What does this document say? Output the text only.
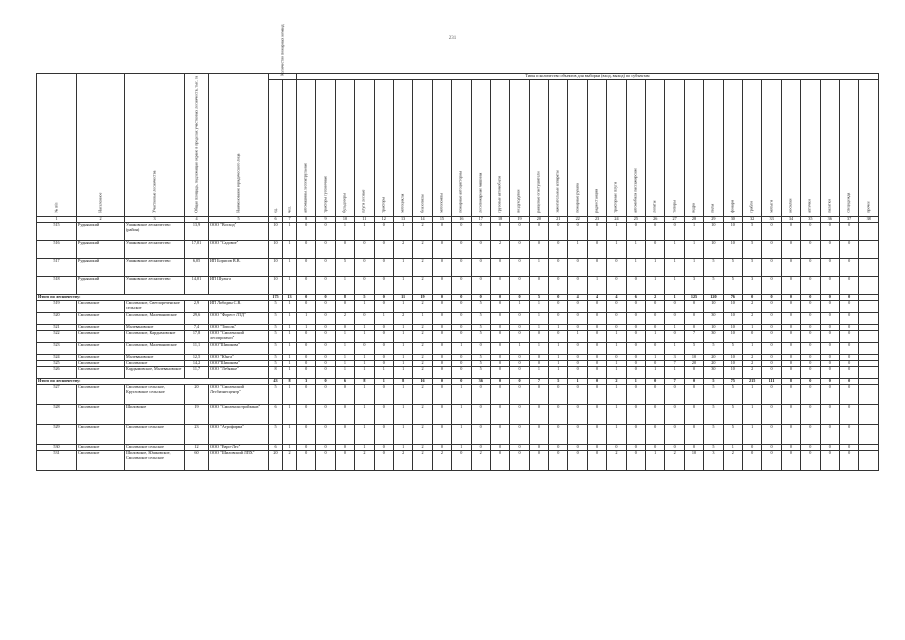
231
№ п/п	Населенное	Участковые лесничества	Общая площадь, подлежащая охране в пределах участковых лесничеств, тыс. га	Наименование юридического лица	Количество пожарных команд		Типы и количество объектов для выборки (вход, выход) по субъектам																													

							автомашины лесопатрульные	тракторы гусеничные	бульдозеры	плуги лесные	тракторы	мотоциклы	бензопилы	мотопомпы	пожарные автоцистерны	лесопожарные машины	грузовые автомобили	воздуходувки	ранцевые огнетушители	зажигательные аппараты	пожарные рукава	радиостанции	тракторные плуги	автомобили пассажирские	лопаты	топоры	ведра	пилы	фонари	грабли	мотыги	носилки	аптечки	палатки	спецодежда	прочее

					ед.	чел.																														

1	2	3	4	5	6	7	8	9	10	11	12	13	14	15	16	17	18	19	20	21	22	23	24	25	26	27	28	29	30	32	33	34	35	36	37	38
515	Руднянский	Ушаковское лесничество (район)	13,9	ООО "Восход"	10	1	0	0	1	1	0	1	2	0	0	0	0	0	0	0	0	0	1	0	0	0	1	10	10	5	0	0	0	0	0	
516	Руднянский	Ушаковское лесничество	17,01	ООО "Садовое"	10	1	0	0	0	0	0	2	2	0	0	0	2	0	0	0	1	0	1	1	0	1	1	10	10	5	0	0	0	0	0	
517	Руднянский	Ушаковское лесничество	6,05	ИП Борисов В.В.	10	1	0	0	5	0	0	1	2	0	0	0	0	0	1	0	0	0	0	1	1	1	1	5	5	5	0	0	0	0	0	
518	Руднянский	Ушаковское лесничество	14,01	ИП Шульга	10	1	0	0	1	0	0	1	2	0	0	0	0	0	0	0	0	1	0	0	1	1	3	5	5	3	0	0	0	0	0	
Итого по лесничеству:					175	13	0	0	8	5	0	11	19	0	0	0	0	0	5	0	4	4	4	6	2	1	125	120	76	0	0	0	0	0	0	
519	Смоленское	Смоленское, Светлореченское сельское	2,9	ИП Лободин С.В.	5	1	0	0	0	1	0	1	2	0	0	5	0	1	1	0	0	0	0	0	0	0	0	10	10	2	0	0	0	0	0	
520	Смоленское	Смоленское, Малевановское	29,6	ООО "Форест ЛТД"	5	1	1	0	2	0	1	2	1	0	0	5	0	0	1	0	0	0	0	0	0	0	0	30	10	2	0	0	0	0	0	
521	Смоленское	Малевановское	7,4	ООО "Тополь"	5	1	1	0	0	1	0	1	2	0	0	5	0	0	1	1	0	0	0	0	0	1	0	10	10	1	0	0	0	0	0	
522	Смоленское	Смоленское, Кардымовское	17,8	ООО "Смоленский лесопромхоз"	5	1	0	0	1	1	0	1	2	0	0	5	0	0	0	0	1	0	1	0	1	0	7	30	10	0	0	0	0	0	0	
523	Смоленское	Смоленское, Малевановское	11,1	ООО"Шишкова"	5	1	0	0	1	0	0	1	2	0	1	0	0	1	1	1	0	0	1	0	0	1	5	5	5	1	0	0	0	0	0	
524	Смоленское	Малевановское	12,5	ООО "Юнга"	5	1	0	0	1	1	0	1	2	0	0	5	0	0	0	1	0	0	0	0	1	3	10	20	10	2	0	0	0	0	0	
525	Смоленское	Смоленское	14,2	ООО"Шишкова"	5	1	0	0	1	1	0	1	2	0	0	5	0	0	0	1	0	0	1	0	0	7	20	20	10	2	0	0	0	0	0	
526	Смоленское	Кардымовское, Малевановское	11,7	ООО "Лебяжье"	8	1	0	0	1	1	1	1	2	0	0	5	0	0	1	1	0	0	1	0	1	1	0	30	10	2	0	0	0	0	0	
Итого по лесничеству:					43	8	3	0	6	8	1	8	16	0	0	36	0	0	7	5	1	0	2	1	0	7	0	5	75	215	111	8	0	0	0	
527	Смоленское	Смоленское сельское, Кругловское сельское	20	ООО "Смоленский Лесбизнесцентр"	5	1	0	0	0	1	0	1	2	0	1	0	0	0	0	0	0	0	1	0	0	0	0	5	5	1	0	0	0	0	0	
528	Смоленское	Шиловское	19	ООО "Смоленскстройзаказ"	6	1	0	0	0	1	0	1	2	0	1	0	0	0	0	0	0	0	1	0	0	0	0	5	5	1	0	0	0	0	0	
529	Смоленское	Смоленское сельское	23	ООО "Агрофирма"	5	1	0	0	0	1	0	1	2	0	1	0	0	0	0	0	0	0	1	0	0	0	0	5	5	1	0	0	0	0	0	
530	Смоленское	Смоленское сельское	12	ООО "Евро-Лес"	6	1	0	0	0	1	0	1	2	0	1	0	0	0	0	0	0	0	0	0	0	0	0	5	1	0	0	0	0	0	0	
531	Смоленское	Шиловское, Юшковское, Смоленское сельское	60	ООО "Шиловский ЛПХ"	20	2	0	0	0	2	0	2	2	2	0	2	0	0	0	0	0	0	2	0	1	2	10	3	2	0	0	0	0	0	0	
